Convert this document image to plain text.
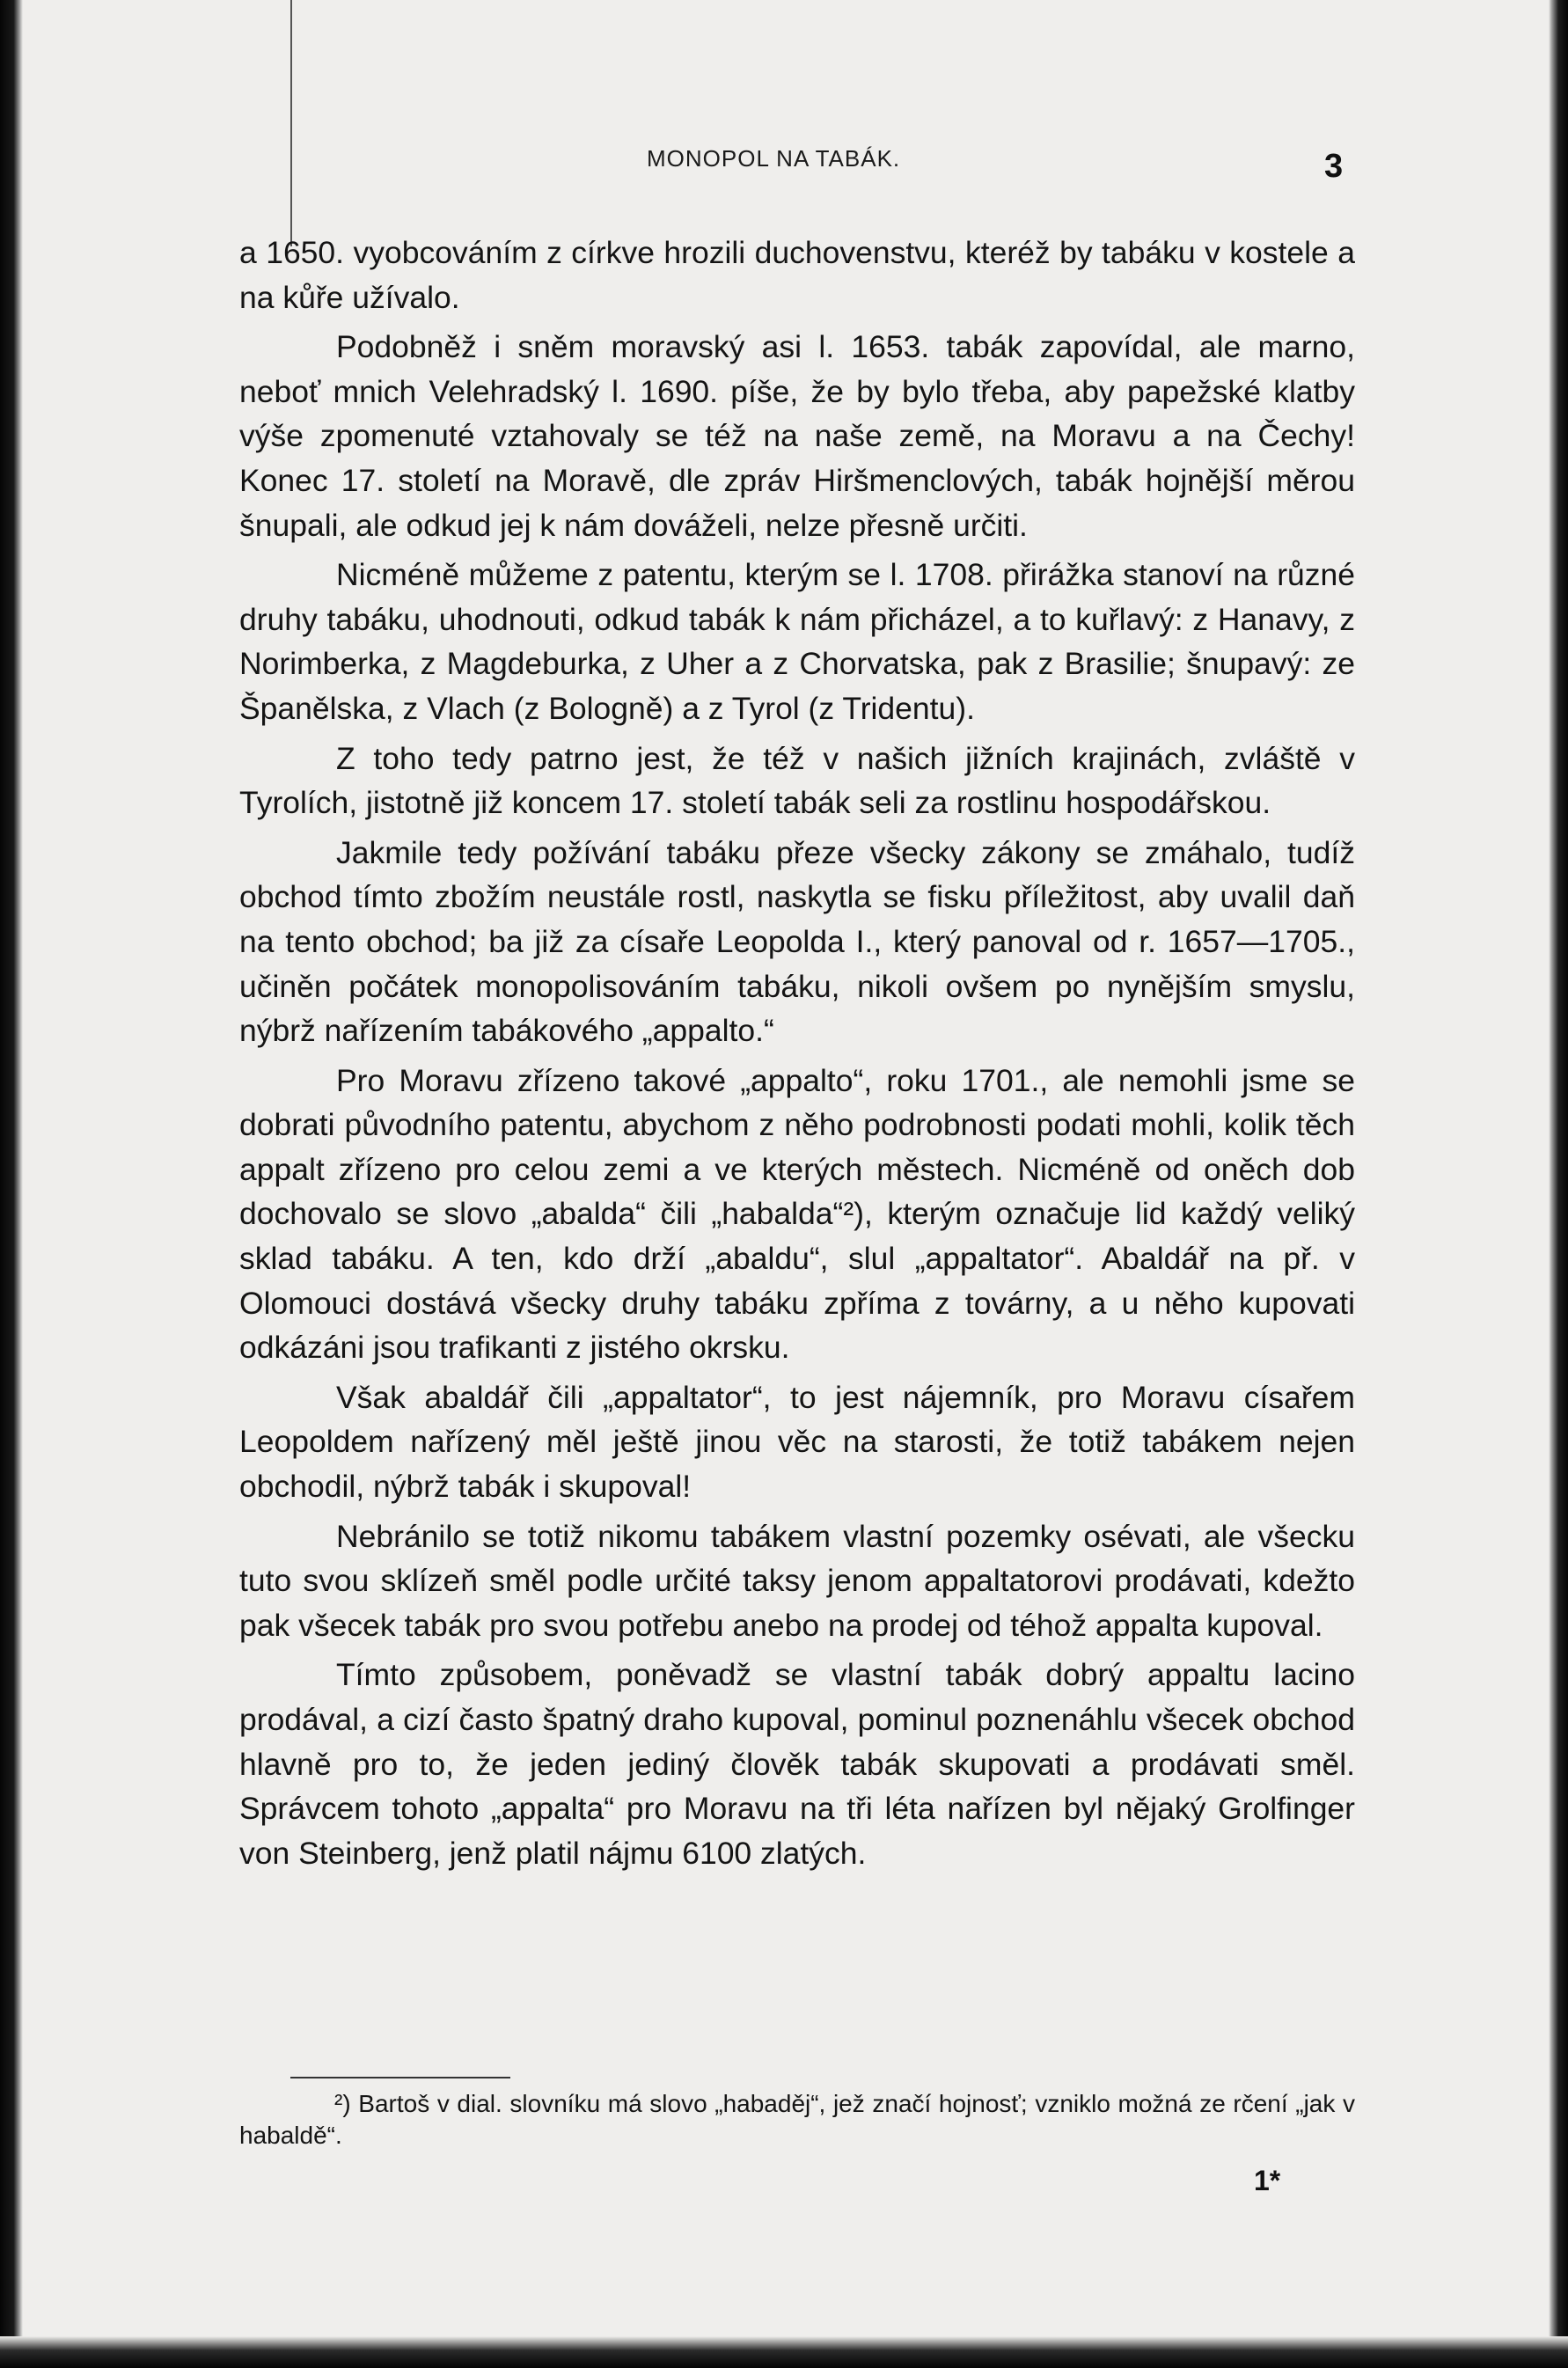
MONOPOL NA TABÁK.	3

a 1650. vyobcováním z církve hrozili duchovenstvu, kteréž by tabáku v kostele a na kůře užívalo.

Podobněž i sněm moravský asi l. 1653. tabák zapovídal, ale marno, neboť mnich Velehradský l. 1690. píše, že by bylo třeba, aby papežské klatby výše zpomenuté vztahovaly se též na naše země, na Moravu a na Čechy! Konec 17. století na Moravě, dle zpráv Hiršmenclových, tabák hojnější měrou šnupali, ale odkud jej k nám dováželi, nelze přesně určiti.

Nicméně můžeme z patentu, kterým se l. 1708. přirážka stanoví na různé druhy tabáku, uhodnouti, odkud tabák k nám přicházel, a to kuřlavý: z Hanavy, z Norimberka, z Magdeburka, z Uher a z Chorvatska, pak z Brasilie; šnupavý: ze Španělska, z Vlach (z Bologně) a z Tyrol (z Tridentu).

Z toho tedy patrno jest, že též v našich jižních krajinách, zvláště v Tyrolích, jistotně již koncem 17. století tabák seli za rostlinu hospodářskou.

Jakmile tedy požívání tabáku přeze všecky zákony se zmáhalo, tudíž obchod tímto zbožím neustále rostl, naskytla se fisku příležitost, aby uvalil daň na tento obchod; ba již za císaře Leopolda I., který panoval od r. 1657—1705., učiněn počátek monopolisováním tabáku, nikoli ovšem po nynějším smyslu, nýbrž nařízením tabákového „appalto.“

Pro Moravu zřízeno takové „appalto“, roku 1701., ale nemohli jsme se dobrati původního patentu, abychom z něho podrobnosti podati mohli, kolik těch appalt zřízeno pro celou zemi a ve kterých městech. Nicméně od oněch dob dochovalo se slovo „abalda“ čili „habalda“²), kterým označuje lid každý veliký sklad tabáku. A ten, kdo drží „abaldu“, slul „appaltator“. Abaldář na př. v Olomouci dostává všecky druhy tabáku zpříma z továrny, a u něho kupovati odkázáni jsou trafikanti z jistého okrsku.

Však abaldář čili „appaltator“, to jest nájemník, pro Moravu císařem Leopoldem nařízený měl ještě jinou věc na starosti, že totiž tabákem nejen obchodil, nýbrž tabák i skupoval!

Nebránilo se totiž nikomu tabákem vlastní pozemky osévati, ale všecku tuto svou sklízeň směl podle určité taksy jenom appaltatorovi prodávati, kdežto pak všecek tabák pro svou potřebu anebo na prodej od téhož appalta kupoval.

Tímto způsobem, poněvadž se vlastní tabák dobrý appaltu lacino prodával, a cizí často špatný draho kupoval, pominul poznenáhlu všecek obchod hlavně pro to, že jeden jediný člověk tabák skupovati a prodávati směl. Správcem tohoto „appalta“ pro Moravu na tři léta nařízen byl nějaký Grolfinger von Steinberg, jenž platil nájmu 6100 zlatých.

²) Bartoš v dial. slovníku má slovo „habaděj“, jež značí hojnosť; vzniklo možná ze rčení „jak v habaldě“.

1*
